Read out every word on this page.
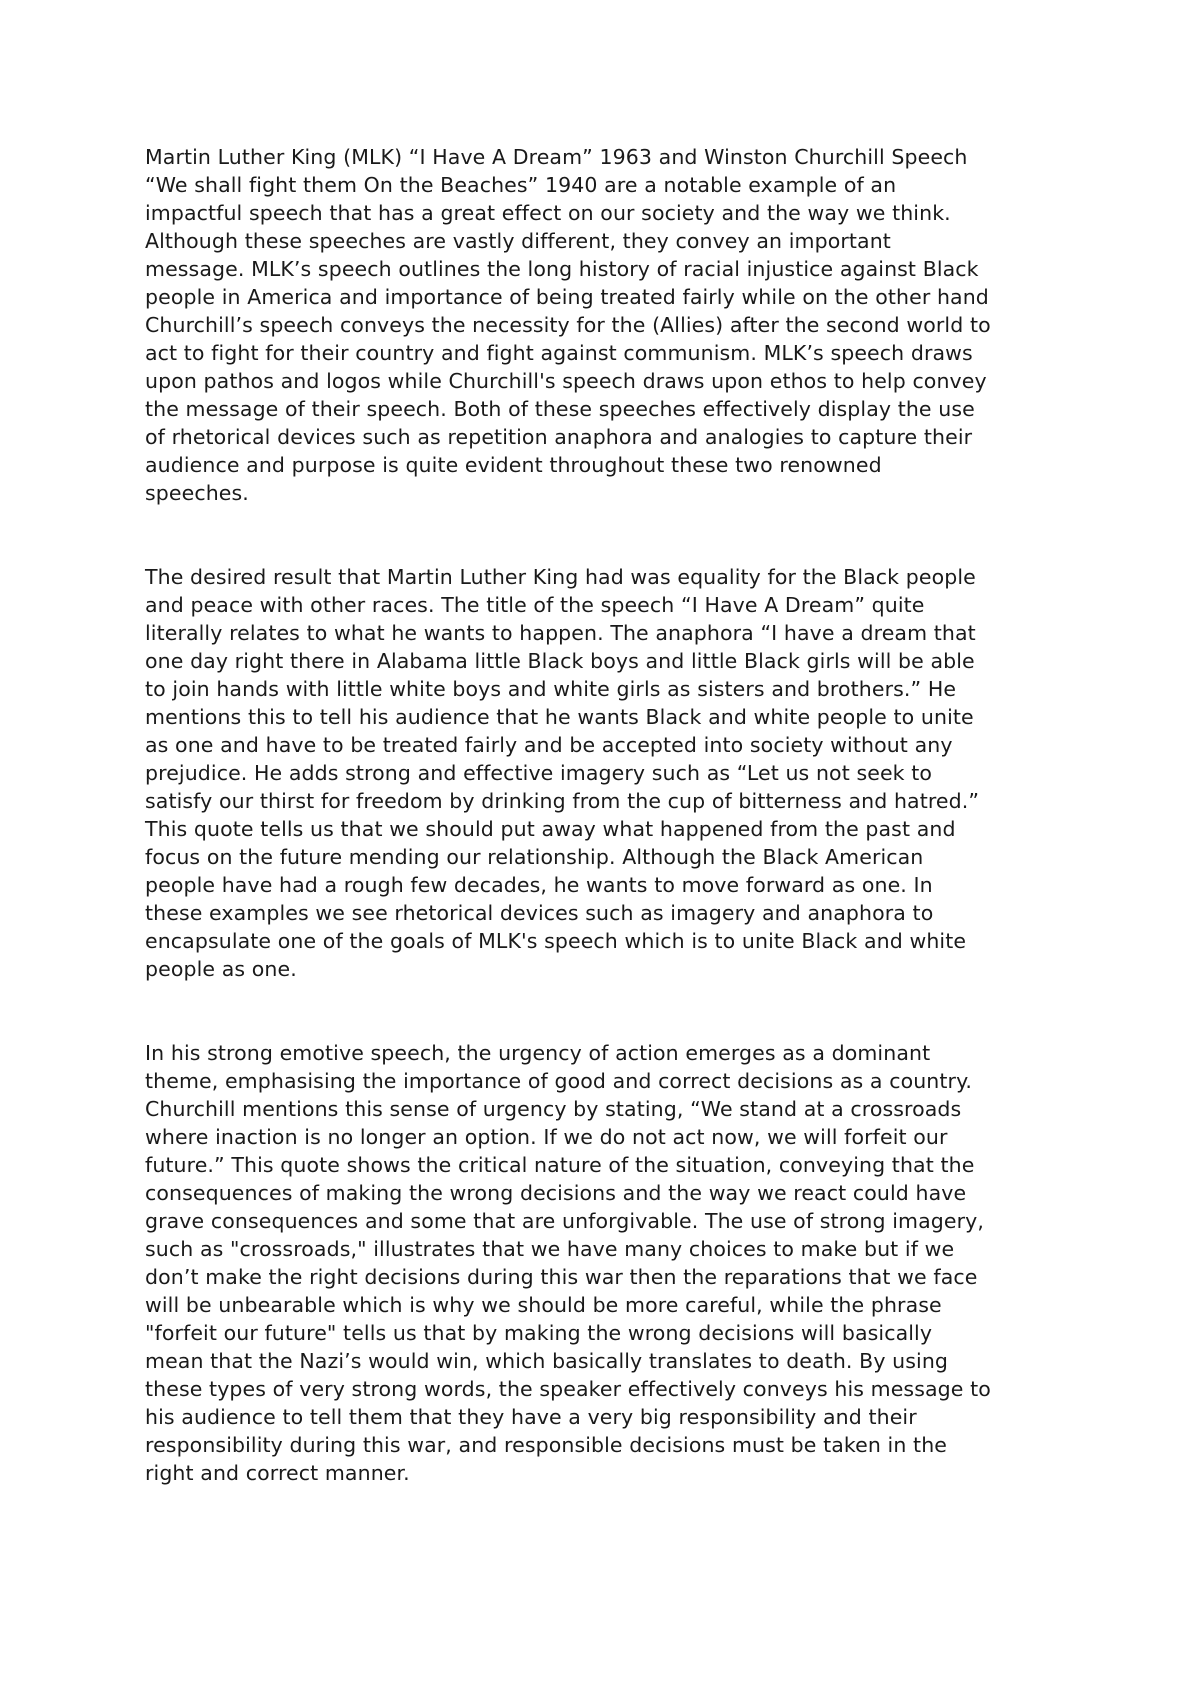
Martin Luther King (MLK) “I Have A Dream” 1963 and Winston Churchill Speech
“We shall fight them On the Beaches” 1940 are a notable example of an
impactful speech that has a great effect on our society and the way we think.
Although these speeches are vastly different, they convey an important
message. MLK’s speech outlines the long history of racial injustice against Black
people in America and importance of being treated fairly while on the other hand
Churchill’s speech conveys the necessity for the (Allies) after the second world to
act to fight for their country and fight against communism. MLK’s speech draws
upon pathos and logos while Churchill's speech draws upon ethos to help convey
the message of their speech. Both of these speeches effectively display the use
of rhetorical devices such as repetition anaphora and analogies to capture their
audience and purpose is quite evident throughout these two renowned
speeches.

The desired result that Martin Luther King had was equality for the Black people
and peace with other races. The title of the speech “I Have A Dream” quite
literally relates to what he wants to happen. The anaphora “I have a dream that
one day right there in Alabama little Black boys and little Black girls will be able
to join hands with little white boys and white girls as sisters and brothers.” He
mentions this to tell his audience that he wants Black and white people to unite
as one and have to be treated fairly and be accepted into society without any
prejudice. He adds strong and effective imagery such as “Let us not seek to
satisfy our thirst for freedom by drinking from the cup of bitterness and hatred.”
This quote tells us that we should put away what happened from the past and
focus on the future mending our relationship. Although the Black American
people have had a rough few decades, he wants to move forward as one. In
these examples we see rhetorical devices such as imagery and anaphora to
encapsulate one of the goals of MLK's speech which is to unite Black and white
people as one.

In his strong emotive speech, the urgency of action emerges as a dominant
theme, emphasising the importance of good and correct decisions as a country.
Churchill mentions this sense of urgency by stating, “We stand at a crossroads
where inaction is no longer an option. If we do not act now, we will forfeit our
future.” This quote shows the critical nature of the situation, conveying that the
consequences of making the wrong decisions and the way we react could have
grave consequences and some that are unforgivable. The use of strong imagery,
such as "crossroads," illustrates that we have many choices to make but if we
don’t make the right decisions during this war then the reparations that we face
will be unbearable which is why we should be more careful, while the phrase
"forfeit our future" tells us that by making the wrong decisions will basically
mean that the Nazi’s would win, which basically translates to death. By using
these types of very strong words, the speaker effectively conveys his message to
his audience to tell them that they have a very big responsibility and their
responsibility during this war, and responsible decisions must be taken in the
right and correct manner.
